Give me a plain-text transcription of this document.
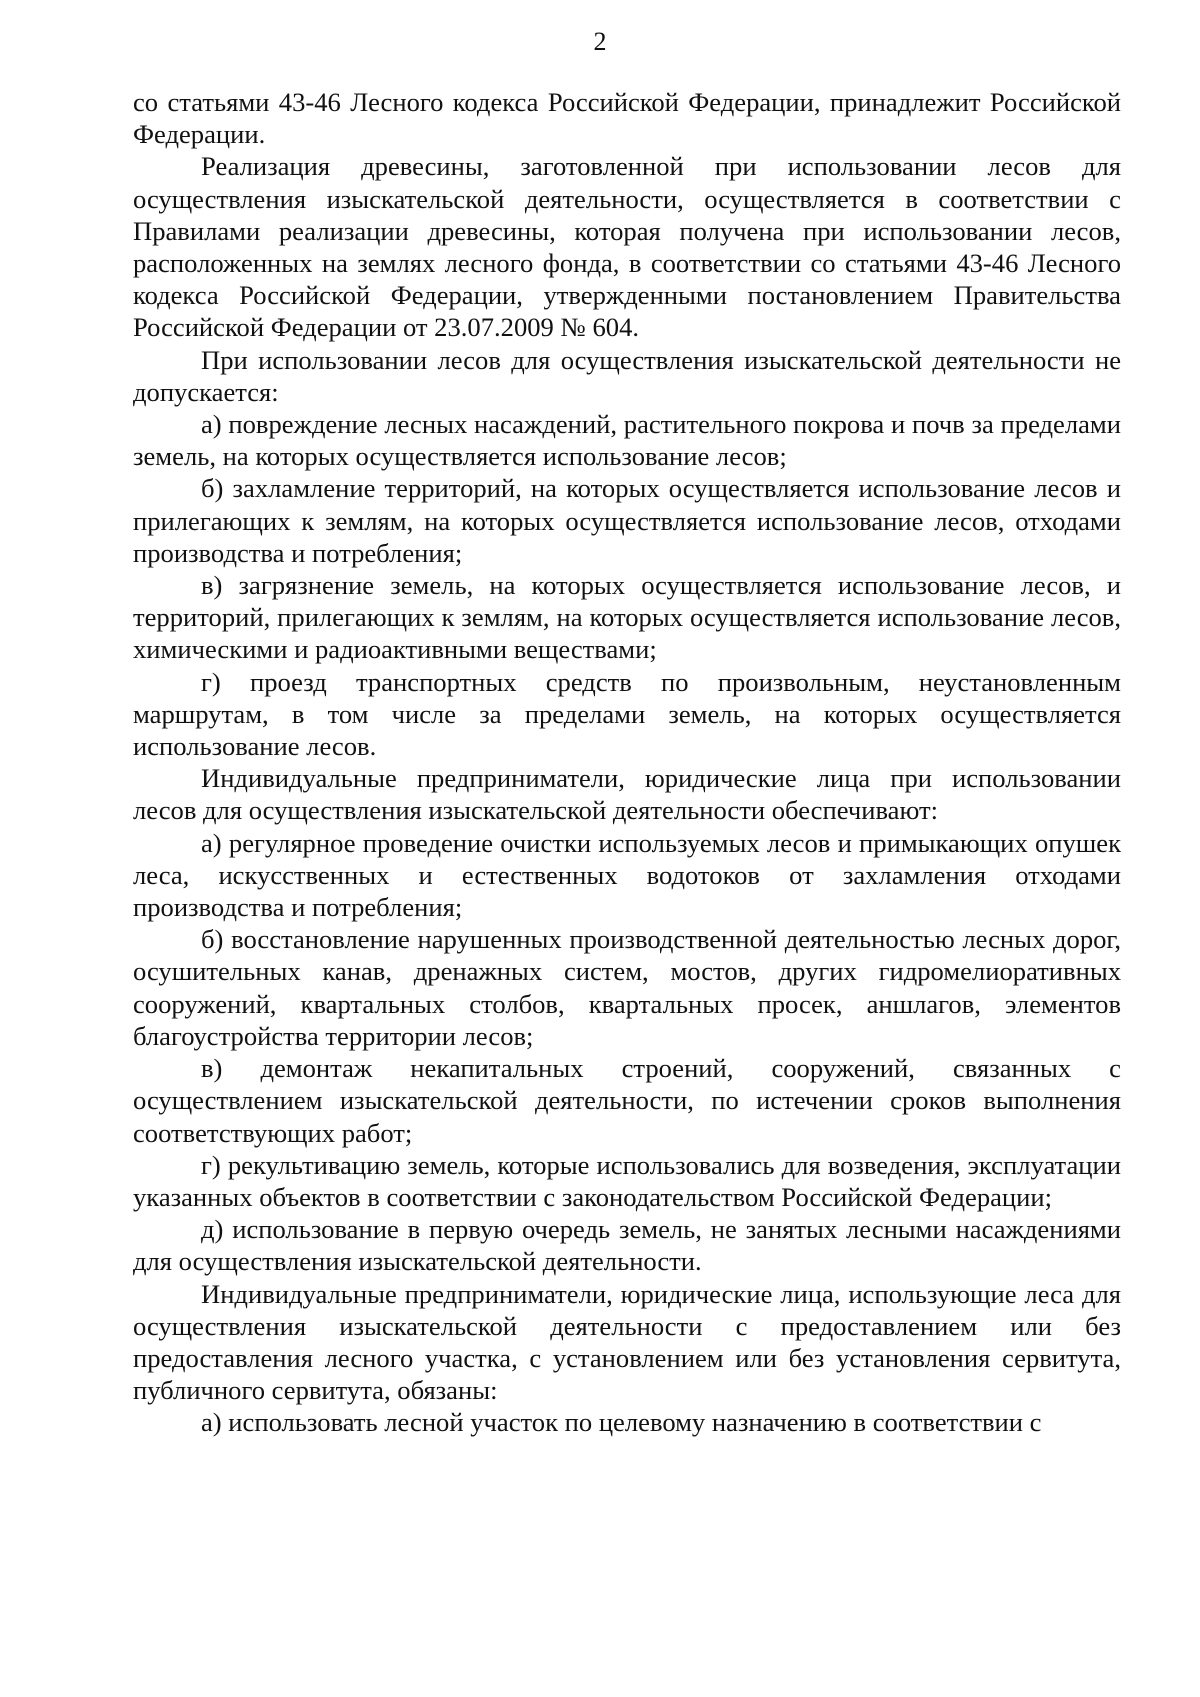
2

со статьями 43-46 Лесного кодекса Российской Федерации, принадлежит Российской Федерации.

Реализация древесины, заготовленной при использовании лесов для осуществления изыскательской деятельности, осуществляется в соответствии с Правилами реализации древесины, которая получена при использовании лесов, расположенных на землях лесного фонда, в соответствии со статьями 43-46 Лесного кодекса Российской Федерации, утвержденными постановлением Правительства Российской Федерации от 23.07.2009 № 604.

При использовании лесов для осуществления изыскательской деятельности не допускается:

а) повреждение лесных насаждений, растительного покрова и почв за пределами земель, на которых осуществляется использование лесов;

б) захламление территорий, на которых осуществляется использование лесов и прилегающих к землям, на которых осуществляется использование лесов, отходами производства и потребления;

в) загрязнение земель, на которых осуществляется использование лесов, и территорий, прилегающих к землям, на которых осуществляется использование лесов, химическими и радиоактивными веществами;

г) проезд транспортных средств по произвольным, неустановленным маршрутам, в том числе за пределами земель, на которых осуществляется использование лесов.

Индивидуальные предприниматели, юридические лица при использовании лесов для осуществления изыскательской деятельности обеспечивают:

а) регулярное проведение очистки используемых лесов и примыкающих опушек леса, искусственных и естественных водотоков от захламления отходами производства и потребления;

б) восстановление нарушенных производственной деятельностью лесных дорог, осушительных канав, дренажных систем, мостов, других гидромелиоративных сооружений, квартальных столбов, квартальных просек, аншлагов, элементов благоустройства территории лесов;

в) демонтаж некапитальных строений, сооружений, связанных с осуществлением изыскательской деятельности, по истечении сроков выполнения соответствующих работ;

г) рекультивацию земель, которые использовались для возведения, эксплуатации указанных объектов в соответствии с законодательством Российской Федерации;

д) использование в первую очередь земель, не занятых лесными насаждениями для осуществления изыскательской деятельности.

Индивидуальные предприниматели, юридические лица, использующие леса для осуществления изыскательской деятельности с предоставлением или без предоставления лесного участка, с установлением или без установления сервитута, публичного сервитута, обязаны:

а) использовать лесной участок по целевому назначению в соответствии с
